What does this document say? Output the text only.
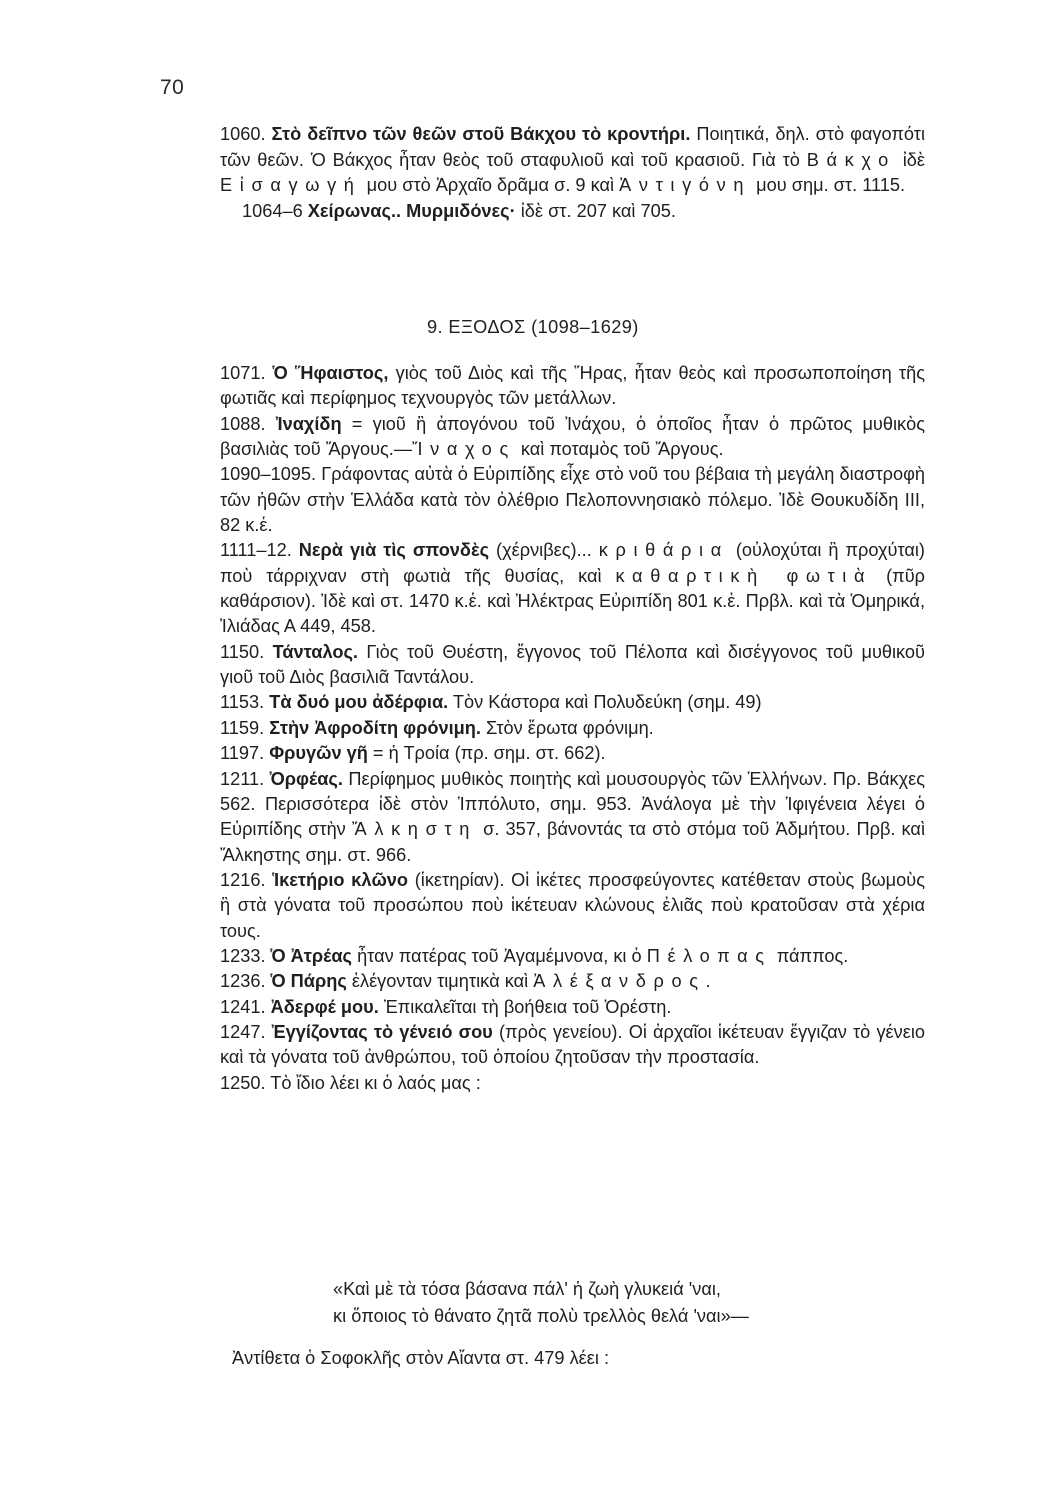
70

1060. Στὸ δεῖπνο τῶν θεῶν στοῦ Βάκχου τὸ κροντήρι. Ποιητικά, δηλ. στὸ φαγοπότι τῶν θεῶν. Ὁ Βάκχος ἦταν θεὸς τοῦ σταφυλιοῦ καὶ τοῦ κρασιοῦ. Γιὰ τὸ Βάκχο ἰδὲ Εἰσαγωγή μου στὸ Ἀρχαῖο δρᾶμα σ. 9 καὶ Ἀντιγόνη μου σημ. στ. 1115.

1064–6 Χείρωνας.. Μυρμιδόνες· ἰδὲ στ. 207 καὶ 705.

9. ΕΞΟΔΟΣ (1098–1629)

1071. Ὁ Ἥφαιστος, γιὸς τοῦ Διὸς καὶ τῆς Ἥρας, ἦταν θεὸς καὶ προσωποποίηση τῆς φωτιᾶς καὶ περίφημος τεχνουργὸς τῶν μετάλλων.

1088. Ἰναχίδη = γιοῦ ἢ ἀπογόνου τοῦ Ἰνάχου, ὁ ὁποῖος ἦταν ὁ πρῶτος μυθικὸς βασιλιὰς τοῦ Ἄργους.—Ἴναχος καὶ ποταμὸς τοῦ Ἄργους.

1090–1095. Γράφοντας αὐτὰ ὁ Εὐριπίδης εἶχε στὸ νοῦ του βέβαια τὴ μεγάλη διαστροφὴ τῶν ἠθῶν στὴν Ἑλλάδα κατὰ τὸν ὀλέθριο Πελοποννησιακὸ πόλεμο. Ἰδὲ Θουκυδίδη III, 82 κ.ἑ.

1111–12. Νερὰ γιὰ τὶς σπονδὲς (χέρνιβες)... κριθάρια (οὐλοχύται ἢ προχύται) ποὺ τάρριχναν στὴ φωτιὰ τῆς θυσίας, καὶ καθαρτικὴ φωτιὰ (πῦρ καθάρσιον). Ἰδὲ καὶ στ. 1470 κ.ἑ. καὶ Ἠλέκτρας Εὐριπίδη 801 κ.ἑ. Πρβλ. καὶ τὰ Ὁμηρικά, Ἰλιάδας Α 449, 458.

1150. Τάνταλος. Γιὸς τοῦ Θυέστη, ἔγγονος τοῦ Πέλοπα καὶ δισέγγονος τοῦ μυθικοῦ γιοῦ τοῦ Διὸς βασιλιᾶ Ταντάλου.

1153. Τὰ δυό μου ἀδέρφια. Τὸν Κάστορα καὶ Πολυδεύκη (σημ. 49)

1159. Στὴν Ἀφροδίτη φρόνιμη. Στὸν ἔρωτα φρόνιμη.

1197. Φρυγῶν γῆ = ἡ Τροία (πρ. σημ. στ. 662).

1211. Ὀρφέας. Περίφημος μυθικὸς ποιητὴς καὶ μουσουργὸς τῶν Ἑλλήνων. Πρ. Βάκχες 562. Περισσότερα ἰδὲ στὸν Ἱππόλυτο, σημ. 953. Ἀνάλογα μὲ τὴν Ἰφιγένεια λέγει ὁ Εὐριπίδης στὴν Ἄλκηστη σ. 357, βάνοντάς τα στὸ στόμα τοῦ Ἀδμήτου. Πρβ. καὶ Ἄλκηστης σημ. στ. 966.

1216. Ἱκετήριο κλῶνο (ἱκετηρίαν). Οἱ ἱκέτες προσφεύγοντες κατέθεταν στοὺς βωμοὺς ἢ στὰ γόνατα τοῦ προσώπου ποὺ ἱκέτευαν κλώνους ἐλιᾶς ποὺ κρατοῦσαν στὰ χέρια τους.

1233. Ὁ Ἀτρέας ἦταν πατέρας τοῦ Ἀγαμέμνονα, κι ὁ Πέλοπας πάππος.

1236. Ὁ Πάρης ἐλέγονταν τιμητικὰ καὶ Ἀλέξανδρος.

1241. Ἀδερφέ μου. Ἐπικαλεῖται τὴ βοήθεια τοῦ Ὀρέστη.

1247. Ἐγγίζοντας τὸ γένειό σου (πρὸς γενείου). Οἱ ἀρχαῖοι ἱκέτευαν ἔγγιζαν τὸ γένειο καὶ τὰ γόνατα τοῦ ἀνθρώπου, τοῦ ὁποίου ζητοῦσαν τὴν προστασία.

1250. Τὸ ἴδιο λέει κι ὁ λαός μας :

«Καὶ μὲ τὰ τόσα βάσανα πάλ' ἡ ζωὴ γλυκειά 'ναι,
κι ὅποιος τὸ θάνατο ζητᾶ πολὺ τρελλὸς θελά 'ναι»—
Ἀντίθετα ὁ Σοφοκλῆς στὸν Αἴαντα στ. 479 λέει :
